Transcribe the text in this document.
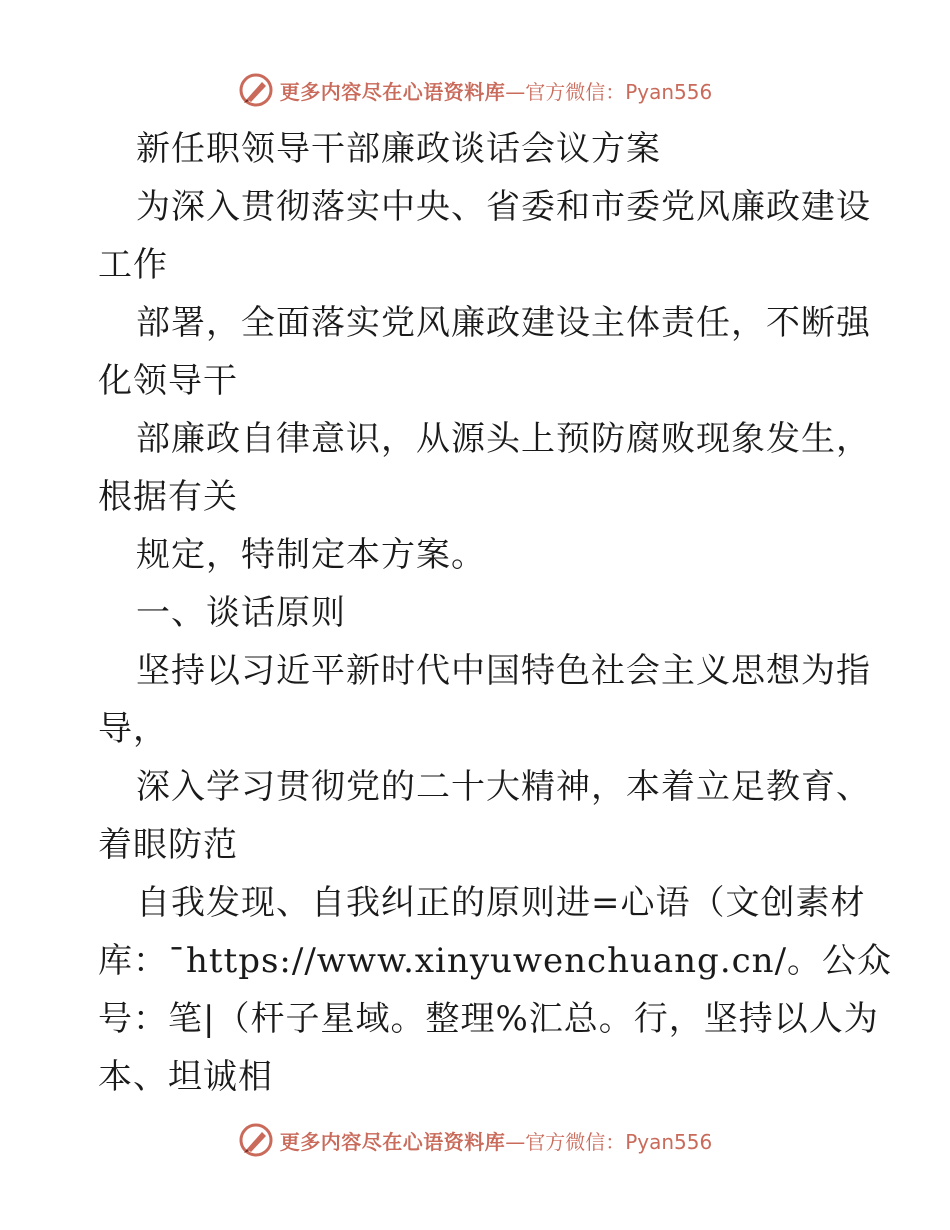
更多内容尽在心语资料库 —官方微信：Pyan556
新任职领导干部廉政谈话会议方案
为深入贯彻落实中央、省委和市委党风廉政建设
工作
部署，全面落实党风廉政建设主体责任，不断强
化领导干
部廉政自律意识，从源头上预防腐败现象发生，
根据有关
规定，特制定本方案。
一、谈话原则
坚持以习近平新时代中国特色社会主义思想为指
导，
深入学习贯彻党的二十大精神，本着立足教育、
着眼防范
自我发现、自我纠正的原则进=心语（文创素材
库：¯https://www.xinyuwenchuang.cn/。公众
号：笔|（杆子星域。整理%汇总。行，坚持以人为
本、坦诚相
更多内容尽在心语资料库 —官方微信：Pyan556
